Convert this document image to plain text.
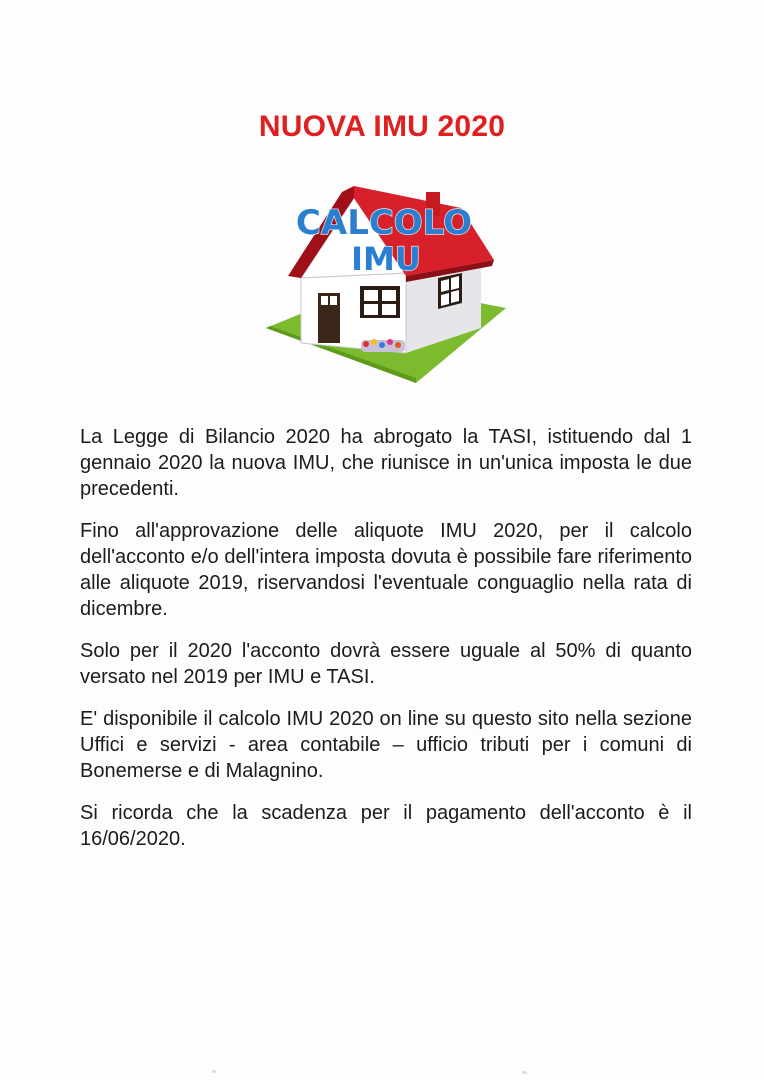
NUOVA IMU 2020
CALCOLO
IMU

La Legge di Bilancio 2020 ha abrogato la TASI, istituendo dal 1 gennaio 2020 la nuova IMU, che riunisce in un'unica imposta le due precedenti.

Fino all'approvazione delle aliquote IMU 2020, per il calcolo dell'acconto e/o dell'intera imposta dovuta è possibile fare riferimento alle aliquote 2019, riservandosi l'eventuale conguaglio nella rata di dicembre.

Solo per il 2020 l'acconto dovrà essere uguale al 50% di quanto versato nel 2019 per IMU e TASI.

E' disponibile il calcolo IMU 2020 on line su questo sito nella sezione Uffici e servizi - area contabile – ufficio tributi per i comuni di Bonemerse e di Malagnino.

Si ricorda che la scadenza per il pagamento dell'acconto è il 16/06/2020.
